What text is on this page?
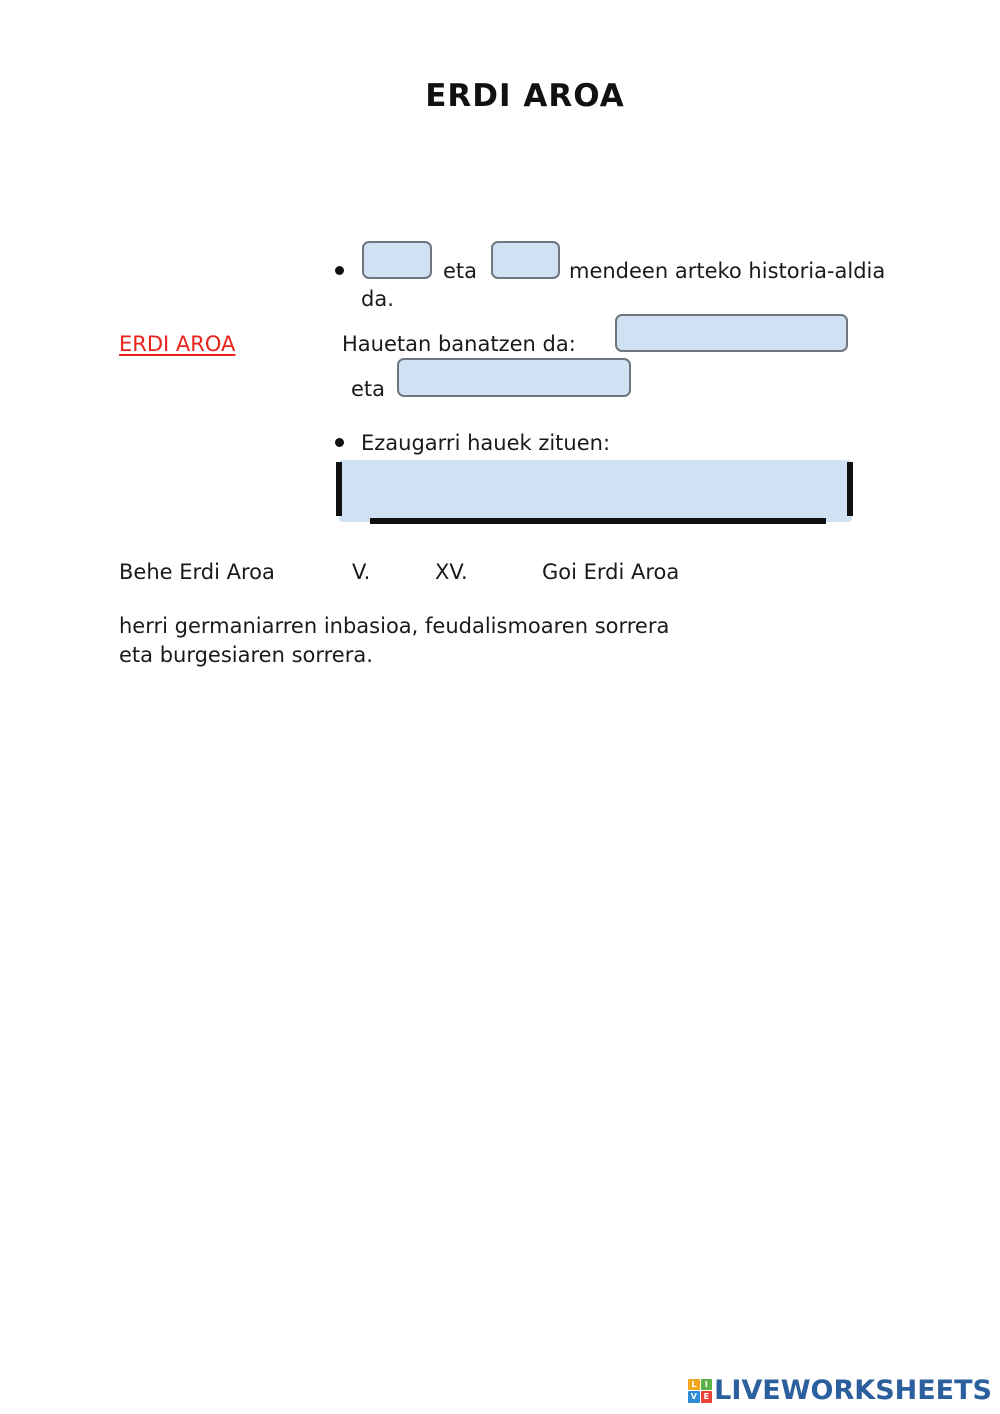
ERDI AROA
eta	mendeen arteko historia-aldia
da.
ERDI AROA	Hauetan banatzen da:
eta
Ezaugarri hauek zituen:
Behe Erdi Aroa	V.	XV.	Goi Erdi Aroa
herri germaniarren inbasioa, feudalismoaren sorrera
eta burgesiaren sorrera.
L	I
V E LIVEWORKSHEETS
